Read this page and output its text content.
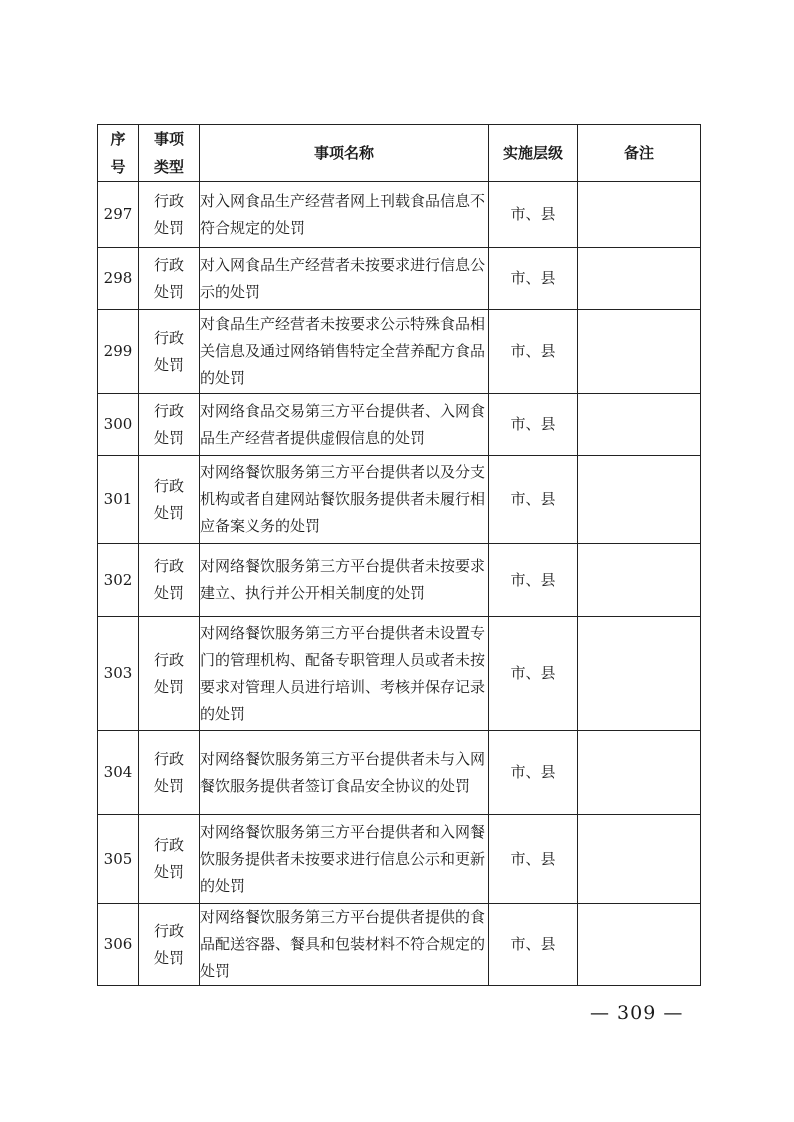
序号	事项类型	事项名称	实施层级	备注
297	行政处罚	对入网食品生产经营者网上刊载食品信息不符合规定的处罚	市、县	
298	行政处罚	对入网食品生产经营者未按要求进行信息公示的处罚	市、县	
299	行政处罚	对食品生产经营者未按要求公示特殊食品相关信息及通过网络销售特定全营养配方食品的处罚	市、县	
300	行政处罚	对网络食品交易第三方平台提供者、入网食品生产经营者提供虚假信息的处罚	市、县	
301	行政处罚	对网络餐饮服务第三方平台提供者以及分支机构或者自建网站餐饮服务提供者未履行相应备案义务的处罚	市、县	
302	行政处罚	对网络餐饮服务第三方平台提供者未按要求建立、执行并公开相关制度的处罚	市、县	
303	行政处罚	对网络餐饮服务第三方平台提供者未设置专门的管理机构、配备专职管理人员或者未按要求对管理人员进行培训、考核并保存记录的处罚	市、县	
304	行政处罚	对网络餐饮服务第三方平台提供者未与入网餐饮服务提供者签订食品安全协议的处罚	市、县	
305	行政处罚	对网络餐饮服务第三方平台提供者和入网餐饮服务提供者未按要求进行信息公示和更新的处罚	市、县	
306	行政处罚	对网络餐饮服务第三方平台提供者提供的食品配送容器、餐具和包装材料不符合规定的处罚	市、县	
— 309 —
